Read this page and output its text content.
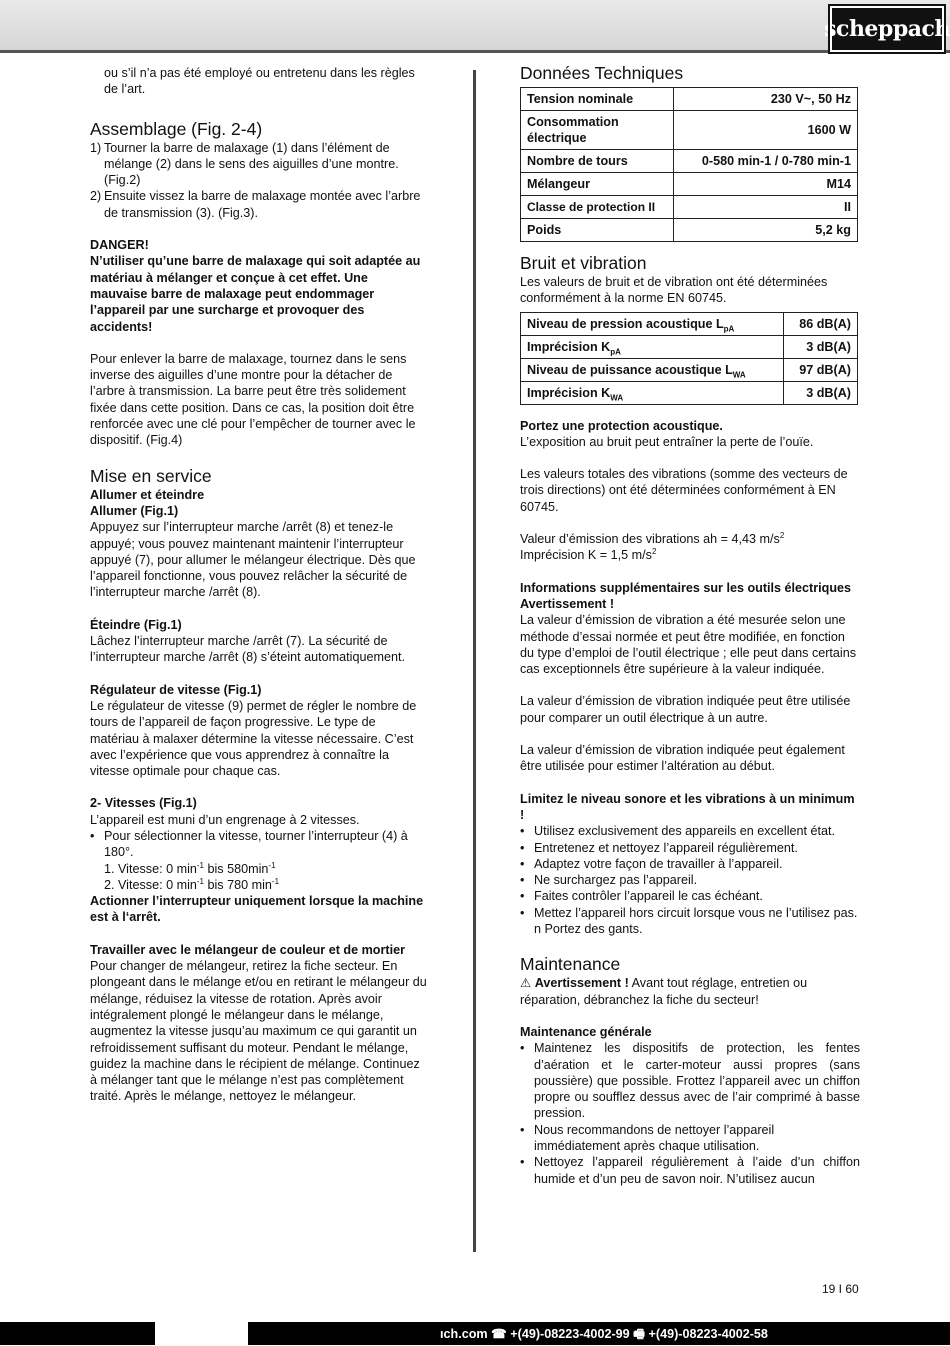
scheppach

ou s’il n’a pas été employé ou entretenu dans les règles de l’art.

Assemblage (Fig. 2-4)
1) Tourner la barre de malaxage (1) dans l’élément de mélange (2) dans le sens des aiguilles d’une montre. (Fig.2)
2) Ensuite vissez la barre de malaxage montée avec l’arbre de transmission (3). (Fig.3).

DANGER!

N’utiliser qu’une barre de malaxage qui soit adaptée au matériau à mélanger et conçue à cet effet. Une mauvaise barre de malaxage peut endommager l’appareil par une surcharge et provoquer des accidents!

Pour enlever la barre de malaxage, tournez dans le sens inverse des aiguilles d’une montre pour la détacher de l’arbre à transmission. La barre peut être très solidement fixée dans cette position. Dans ce cas, la position doit être renforcée avec une clé pour l’empêcher de tourner avec le dispositif. (Fig.4)

Mise en service

Allumer et éteindre

Allumer (Fig.1)

Appuyez sur l’interrupteur marche /arrêt (8) et tenez-le appuyé; vous pouvez maintenant maintenir l’interrupteur appuyé (7), pour allumer le mélangeur électrique. Dès que l’appareil fonctionne, vous pouvez relâcher la sécurité de l’interrupteur marche /arrêt (8).

Éteindre (Fig.1)

Lâchez l’interrupteur marche /arrêt (7). La sécurité de l’interrupteur marche /arrêt (8) s’éteint automatiquement.

Régulateur de vitesse (Fig.1)

Le régulateur de vitesse (9) permet de régler le nombre de tours de l’appareil de façon progressive. Le type de matériau à malaxer détermine la vitesse nécessaire. C’est avec l’expérience que vous apprendrez à connaître la vitesse optimale pour chaque cas.

2- Vitesses (Fig.1)

L’appareil est muni d’un engrenage à 2 vitesses.

• Pour sélectionner la vitesse, tourner l’interrupteur (4) à 180°.

1. Vitesse: 0 $\min^{-1}$ bis $580\min^{-1}$

2. Vitesse: 0 $\min^{-1}$ bis 780 $\min^{-1}$

Actionner l’interrupteur uniquement lorsque la machine est à l‘arrêt.

Travailler avec le mélangeur de couleur et de mortier

Pour changer de mélangeur, retirez la fiche secteur. En plongeant dans le mélange et/ou en retirant le mélangeur du mélange, réduisez la vitesse de rotation. Après avoir intégralement plongé le mélangeur dans le mélange, augmentez la vitesse jusqu’au maximum ce qui garantit un refroidissement suffisant du moteur. Pendant le mélange, guidez la machine dans le récipient de mélange. Continuez à mélanger tant que le mélange n’est pas complètement traité. Après le mélange, nettoyez le mélangeur.

Données Techniques
Tension nominale	230 V~, 50 Hz
Consommation électrique	1600 W
Nombre de tours	0-580 min-1 / 0-780 min-1
Mélangeur	M14
Classe de protection II	II
Poids	5,2 kg
Bruit et vibration

Les valeurs de bruit et de vibration ont été déterminées conformément à la norme EN 60745.

Niveau de pression acoustique $L_{pA}$	86 dB(A)
Imprécision $K_{pA}$	3 dB(A)
Niveau de puissance acoustique $L_{WA}$	97 dB(A)
Imprécision $K_{WA}$	3 dB(A)

Portez une protection acoustique.

L’exposition au bruit peut entraîner la perte de l’ouïe.

Les valeurs totales des vibrations (somme des vecteurs de trois directions) ont été déterminées conformément à EN 60745.

Valeur d’émission des vibrations ah = 4,43 $m/s^2$

Imprécision K = 1,5 $m/s^2$

Informations supplémentaires sur les outils électriques

Avertissement !

La valeur d’émission de vibration a été mesurée selon une méthode d’essai normée et peut être modifiée, en fonction du type d’emploi de l’outil électrique ; elle peut dans certains cas exceptionnels être supérieure à la valeur indiquée.

La valeur d’émission de vibration indiquée peut être utilisée pour comparer un outil électrique à un autre.

La valeur d’émission de vibration indiquée peut également être utilisée pour estimer l’altération au début.

Limitez le niveau sonore et les vibrations à un minimum !

• Utilisez exclusivement des appareils en excellent état.
• Entretenez et nettoyez l’appareil régulièrement.
• Adaptez votre façon de travailler à l’appareil.
• Ne surchargez pas l’appareil.
• Faites contrôler l’appareil le cas échéant.
• Mettez l’appareil hors circuit lorsque vous ne l’utilisez pas. n Portez des gants.
Maintenance

⚠ Avertissement ! Avant tout réglage, entretien ou réparation, débranchez la fiche du secteur!

Maintenance générale

• Maintenez les dispositifs de protection, les fentes d’aération et le carter-moteur aussi propres (sans poussière) que possible. Frottez l’appareil avec un chiffon propre ou soufflez dessus avec de l’air comprimé à basse pression.
• Nous recommandons de nettoyer l’appareil immédiatement après chaque utilisation.
• Nettoyez l’appareil régulièrement à l’aide d’un chiffon humide et d’un peu de savon noir. N’utilisez aucun
19 I 60
ıch.com ☎ +(49)-08223-4002-99 🖷 +(49)-08223-4002-58
